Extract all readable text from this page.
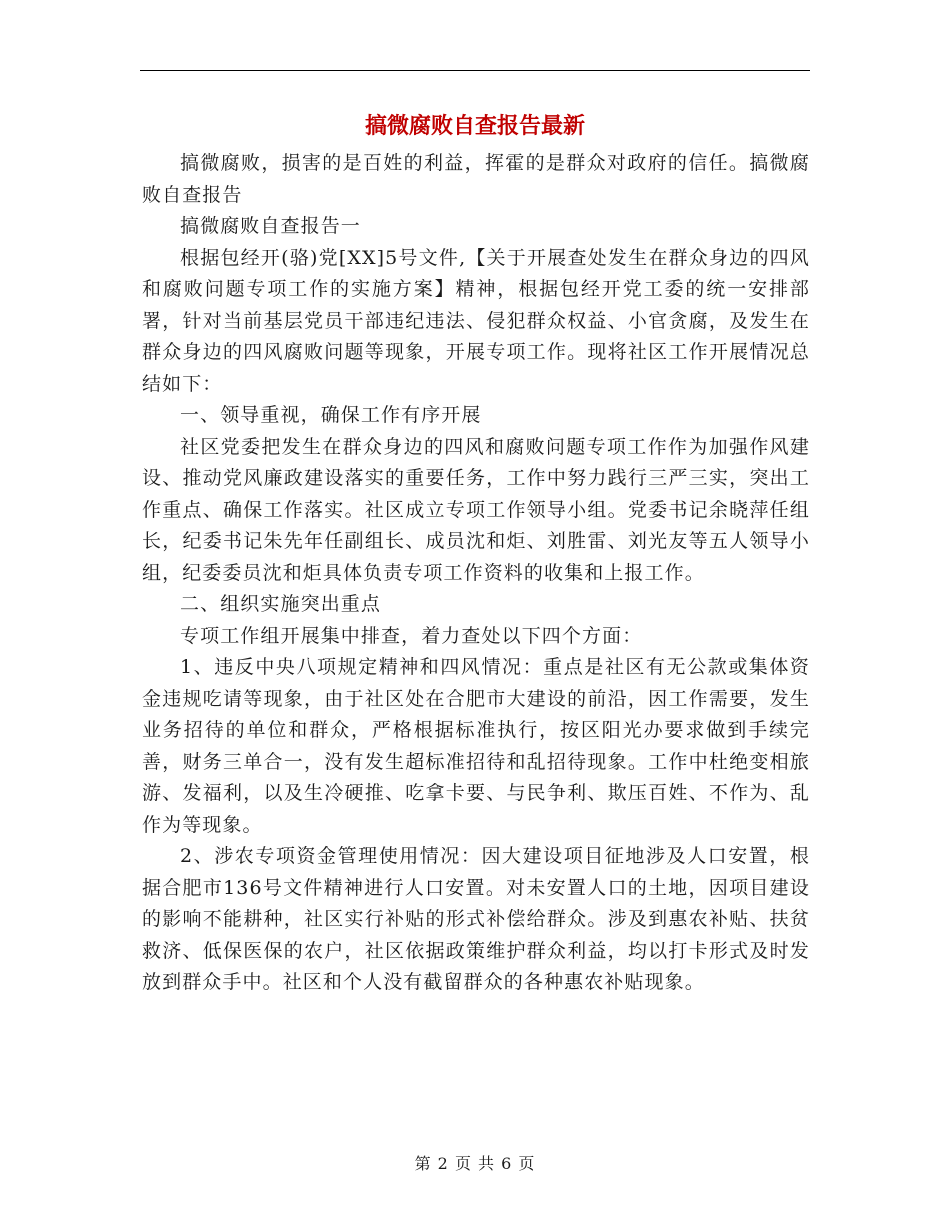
搞微腐败自查报告最新

搞微腐败，损害的是百姓的利益，挥霍的是群众对政府的信任。搞微腐败自查报告

搞微腐败自查报告一

根据包经开(骆)党[XX]5号文件,【关于开展查处发生在群众身边的四风和腐败问题专项工作的实施方案】精神，根据包经开党工委的统一安排部署，针对当前基层党员干部违纪违法、侵犯群众权益、小官贪腐，及发生在群众身边的四风腐败问题等现象，开展专项工作。现将社区工作开展情况总结如下：

一、领导重视，确保工作有序开展

社区党委把发生在群众身边的四风和腐败问题专项工作作为加强作风建设、推动党风廉政建设落实的重要任务，工作中努力践行三严三实，突出工作重点、确保工作落实。社区成立专项工作领导小组。党委书记余晓萍任组长，纪委书记朱先年任副组长、成员沈和炬、刘胜雷、刘光友等五人领导小组，纪委委员沈和炬具体负责专项工作资料的收集和上报工作。

二、组织实施突出重点

专项工作组开展集中排查，着力查处以下四个方面：

1、违反中央八项规定精神和四风情况：重点是社区有无公款或集体资金违规吃请等现象，由于社区处在合肥市大建设的前沿，因工作需要，发生业务招待的单位和群众，严格根据标准执行，按区阳光办要求做到手续完善，财务三单合一，没有发生超标准招待和乱招待现象。工作中杜绝变相旅游、发福利，以及生冷硬推、吃拿卡要、与民争利、欺压百姓、不作为、乱作为等现象。

2、涉农专项资金管理使用情况：因大建设项目征地涉及人口安置，根据合肥市136号文件精神进行人口安置。对未安置人口的土地，因项目建设的影响不能耕种，社区实行补贴的形式补偿给群众。涉及到惠农补贴、扶贫救济、低保医保的农户，社区依据政策维护群众利益，均以打卡形式及时发放到群众手中。社区和个人没有截留群众的各种惠农补贴现象。

第 2 页 共 6 页
